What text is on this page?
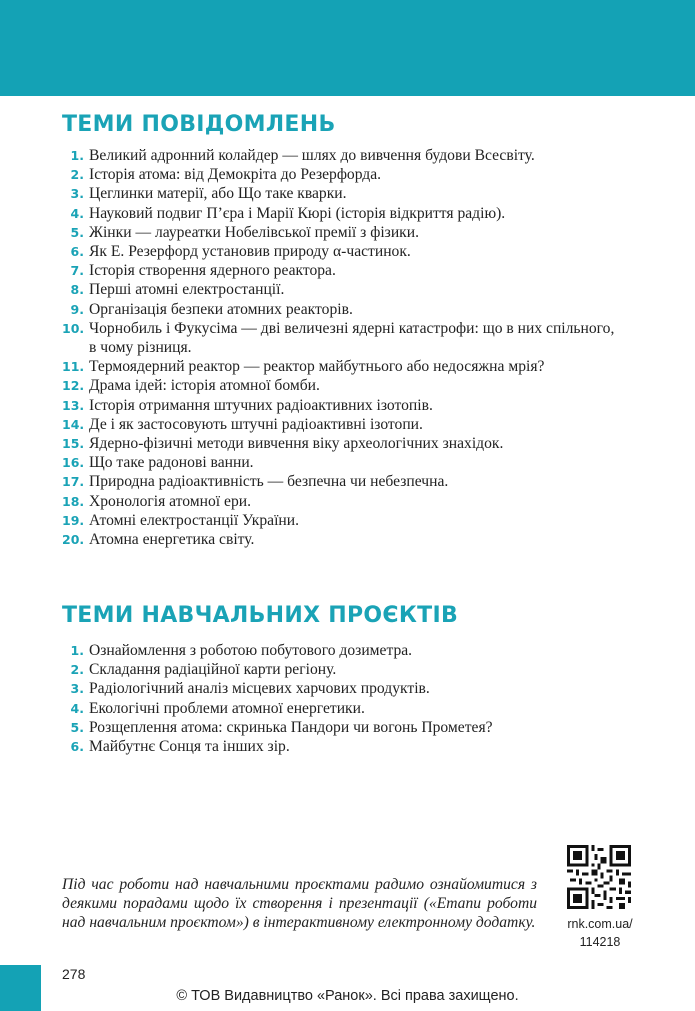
ТЕМИ ПОВІДОМЛЕНЬ
1. Великий адронний колайдер — шлях до вивчення будови Всесвіту.
2. Історія атома: від Демокріта до Резерфорда.
3. Цеглинки матерії, або Що таке кварки.
4. Науковий подвиг П’єра і Марії Кюрі (історія відкриття радію).
5. Жінки — лауреатки Нобелівської премії з фізики.
6. Як Е. Резерфорд установив природу α-частинок.
7. Історія створення ядерного реактора.
8. Перші атомні електростанції.
9. Організація безпеки атомних реакторів.
10. Чорнобиль і Фукусіма — дві величезні ядерні катастрофи: що в них спільного, в чому різниця.
11. Термоядерний реактор — реактор майбутнього або недосяжна мрія?
12. Драма ідей: історія атомної бомби.
13. Історія отримання штучних радіоактивних ізотопів.
14. Де і як застосовують штучні радіоактивні ізотопи.
15. Ядерно-фізичні методи вивчення віку археологічних знахідок.
16. Що таке радонові ванни.
17. Природна радіоактивність — безпечна чи небезпечна.
18. Хронологія атомної ери.
19. Атомні електростанції України.
20. Атомна енергетика світу.
ТЕМИ НАВЧАЛЬНИХ ПРОЄКТІВ
1. Ознайомлення з роботою побутового дозиметра.
2. Складання радіаційної карти регіону.
3. Радіологічний аналіз місцевих харчових продуктів.
4. Екологічні проблеми атомної енергетики.
5. Розщеплення атома: скринька Пандори чи вогонь Прометея?
6. Майбутнє Сонця та інших зір.

Під час роботи над навчальними проєктами радимо ознайомитися з деякими порадами щодо їх створення і презентації («Етапи роботи над навчальним проєктом») в інтерактивному електронному додатку.	rnk.com.ua/
114218
278
© ТОВ Видавництво «Ранок». Всі права захищено.
